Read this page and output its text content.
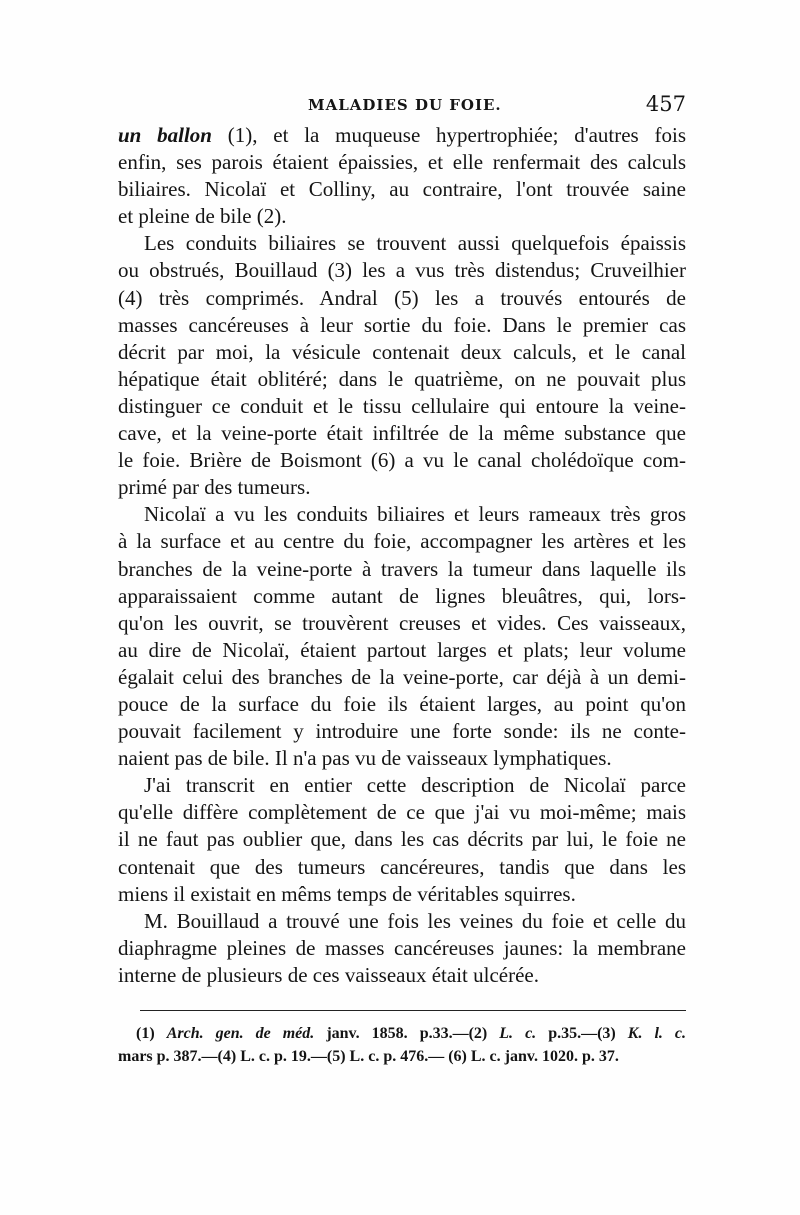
MALADIES DU FOIE.	457
un ballon (1), et la muqueuse hypertrophiée; d'autres fois
enfin, ses parois étaient épaissies, et elle renfermait des calculs
biliaires. Nicolaï et Colliny, au contraire, l'ont trouvée saine
et pleine de bile (2).
Les conduits biliaires se trouvent aussi quelquefois épaissis
ou obstrués, Bouillaud (3) les a vus très distendus; Cruveilhier
(4) très comprimés. Andral (5) les a trouvés entourés de
masses cancéreuses à leur sortie du foie. Dans le premier cas
décrit par moi, la vésicule contenait deux calculs, et le canal
hépatique était oblitéré; dans le quatrième, on ne pouvait plus
distinguer ce conduit et le tissu cellulaire qui entoure la veine-
cave, et la veine-porte était infiltrée de la même substance que
le foie. Brière de Boismont (6) a vu le canal cholédoïque com-
primé par des tumeurs.
Nicolaï a vu les conduits biliaires et leurs rameaux très gros
à la surface et au centre du foie, accompagner les artères et les
branches de la veine-porte à travers la tumeur dans laquelle ils
apparaissaient comme autant de lignes bleuâtres, qui, lors-
qu'on les ouvrit, se trouvèrent creuses et vides. Ces vaisseaux,
au dire de Nicolaï, étaient partout larges et plats; leur volume
égalait celui des branches de la veine-porte, car déjà à un demi-
pouce de la surface du foie ils étaient larges, au point qu'on
pouvait facilement y introduire une forte sonde: ils ne conte-
naient pas de bile. Il n'a pas vu de vaisseaux lymphatiques.
J'ai transcrit en entier cette description de Nicolaï parce
qu'elle diffère complètement de ce que j'ai vu moi-même; mais
il ne faut pas oublier que, dans les cas décrits par lui, le foie ne
contenait que des tumeurs cancéreures, tandis que dans les
miens il existait en mêms temps de véritables squirres.
M. Bouillaud a trouvé une fois les veines du foie et celle du
diaphragme pleines de masses cancéreuses jaunes: la membrane
interne de plusieurs de ces vaisseaux était ulcérée.
(1) Arch. gen. de méd. janv. 1858. p.33.—(2) L. c. p.35.—(3) K. l. c.
mars p. 387.—(4) L. c. p. 19.—(5) L. c. p. 476.— (6) L. c. janv. 1020. p. 37.
